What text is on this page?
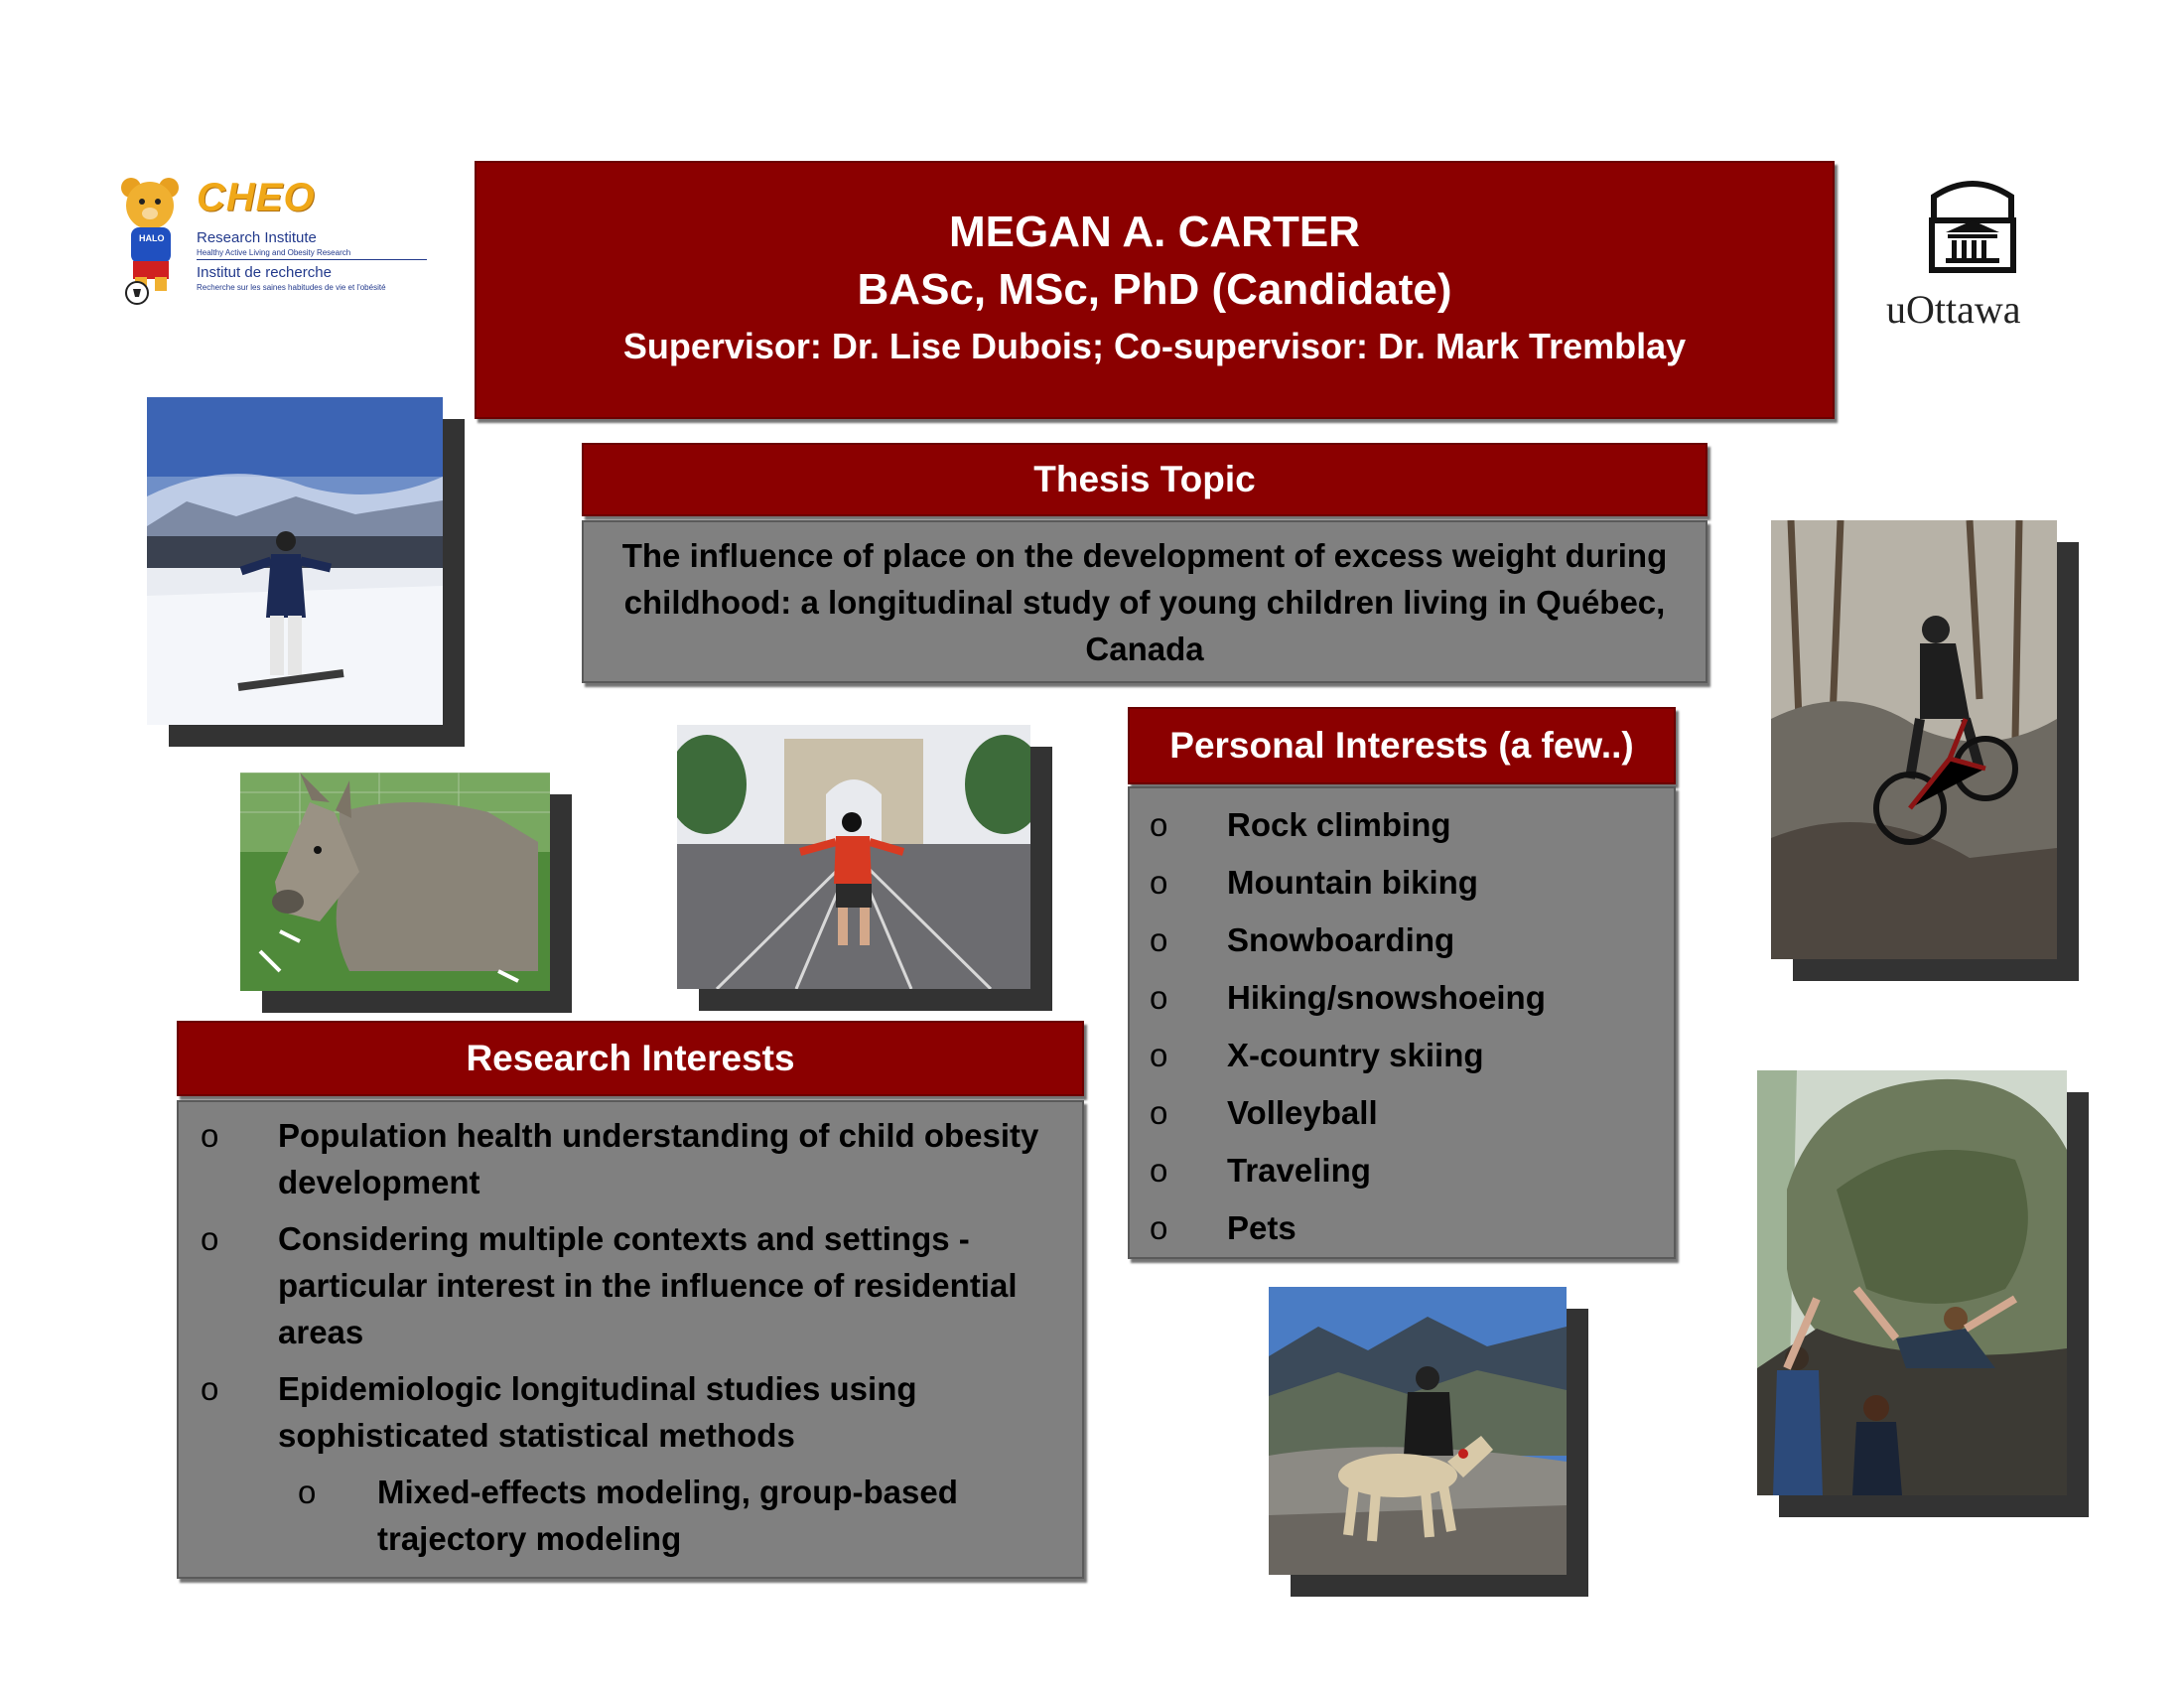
HALO
CHEO
Research Institute
Healthy Active Living and Obesity Research
Institut de recherche
Recherche sur les saines habitudes de vie et l'obésité	uOttawa
MEGAN A. CARTER
BASc, MSc, PhD (Candidate)
Supervisor: Dr. Lise Dubois; Co-supervisor: Dr. Mark Tremblay
Thesis Topic
The influence of place on the development of excess weight during childhood: a longitudinal study of young children living in Québec, Canada
Personal Interests (a few..)
o Rock climbing
o Mountain biking
o Snowboarding
o Hiking/snowshoeing
o X-country skiing
o Volleyball
o Traveling
o Pets
Research Interests
o Population health understanding of child obesity development
o Considering multiple contexts and settings - particular interest in the influence of residential areas
o Epidemiologic longitudinal studies using sophisticated statistical methods
o Mixed-effects modeling, group-based trajectory modeling
